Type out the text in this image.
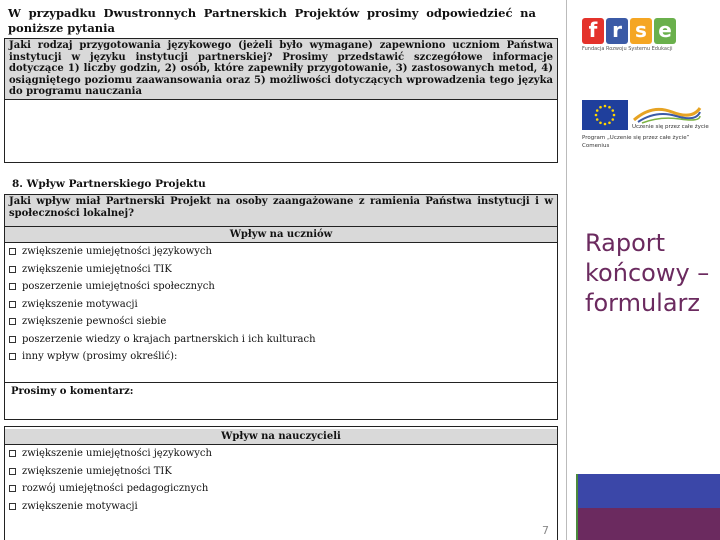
W przypadku Dwustronnych Partnerskich Projektów prosimy odpowiedzieć na poniższe pytania
Jaki rodzaj przygotowania językowego (jeżeli było wymagane) zapewniono uczniom Państwa instytucji w języku instytucji partnerskiej? Prosimy przedstawić szczegółowe informacje dotyczące 1) liczby godzin, 2) osób, które zapewniły przygotowanie, 3) zastosowanych metod, 4) osiągniętego poziomu zaawansowania oraz 5) możliwości dotyczących wprowadzenia tego języka do programu nauczania
8. Wpływ Partnerskiego Projektu
Jaki wpływ miał Partnerski Projekt na osoby zaangażowane z ramienia Państwa instytucji i w społeczności lokalnej?
Wpływ na uczniów
zwiększenie umiejętności językowych
zwiększenie umiejętności TIK
poszerzenie umiejętności społecznych
zwiększenie motywacji
zwiększenie pewności siebie
poszerzenie wiedzy o krajach partnerskich i ich kulturach
inny wpływ (prosimy określić):
Prosimy o komentarz:
Wpływ na nauczycieli
zwiększenie umiejętności językowych
zwiększenie umiejętności TIK
rozwój umiejętności pedagogicznych
zwiększenie motywacji
7
f r s e
Fundacja Rozwoju Systemu Edukacji
Uczenie się przez całe życie
Program „Uczenie się przez całe życie”
Comenius
Raport końcowy – formularz
